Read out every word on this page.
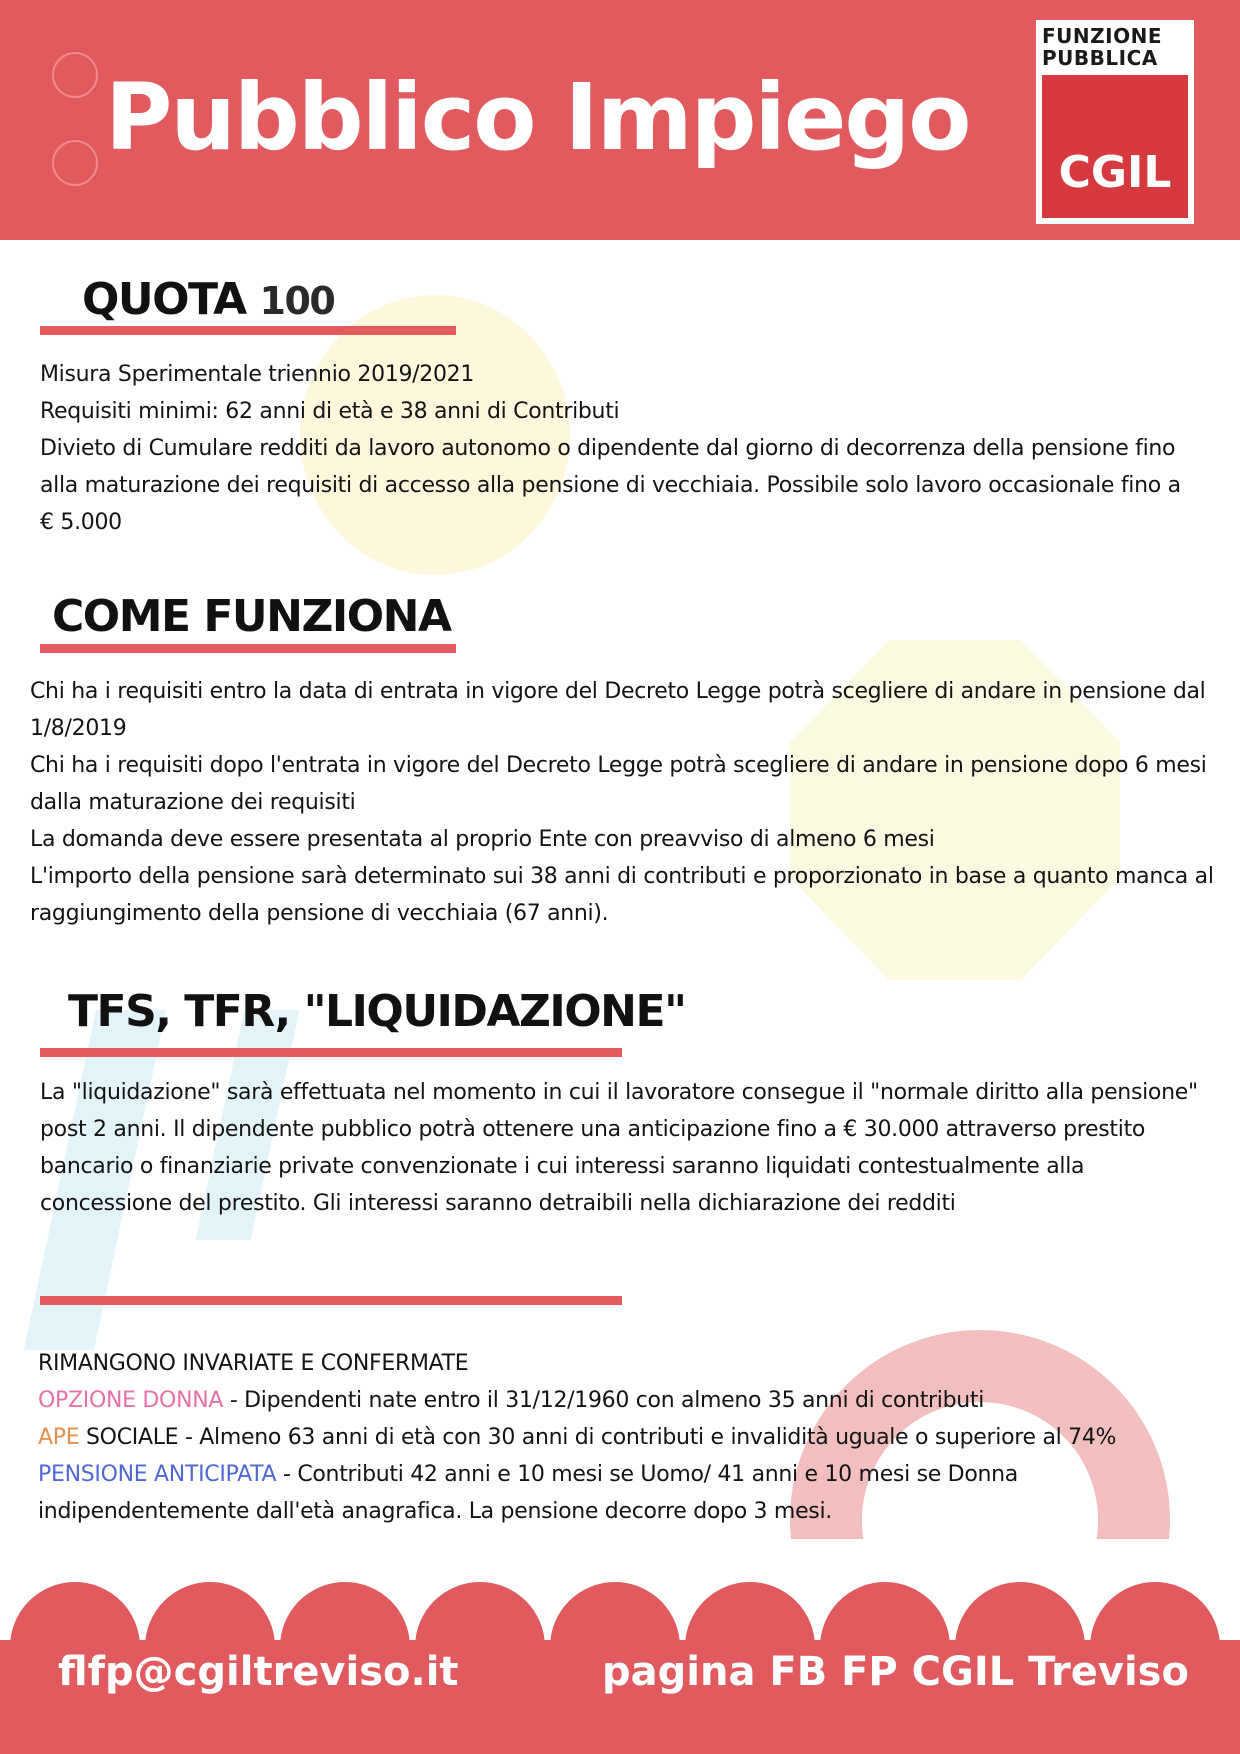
Pubblico Impiego
FUNZIONE
PUBBLICA
CGIL
QUOTA 100

Misura Sperimentale triennio 2019/2021

Requisiti minimi: 62 anni di età e 38 anni di Contributi

Divieto di Cumulare redditi da lavoro autonomo o dipendente dal giorno di decorrenza della pensione fino alla maturazione dei requisiti di accesso alla pensione di vecchiaia. Possibile solo lavoro occasionale fino a € 5.000

COME FUNZIONA

Chi ha i requisiti entro la data di entrata in vigore del Decreto Legge potrà scegliere di andare in pensione dal 1/8/2019

Chi ha i requisiti dopo l'entrata in vigore del Decreto Legge potrà scegliere di andare in pensione dopo 6 mesi dalla maturazione dei requisiti

La domanda deve essere presentata al proprio Ente con preavviso di almeno 6 mesi

L'importo della pensione sarà determinato sui 38 anni di contributi e proporzionato in base a quanto manca al raggiungimento della pensione di vecchiaia (67 anni).

TFS, TFR, "LIQUIDAZIONE"

La "liquidazione" sarà effettuata nel momento in cui il lavoratore consegue il "normale diritto alla pensione" post 2 anni. Il dipendente pubblico potrà ottenere una anticipazione fino a € 30.000 attraverso prestito bancario o finanziarie private convenzionate i cui interessi saranno liquidati contestualmente alla concessione del prestito. Gli interessi saranno detraibili nella dichiarazione dei redditi

RIMANGONO INVARIATE E CONFERMATE

OPZIONE DONNA - Dipendenti nate entro il 31/12/1960 con almeno 35 anni di contributi

APE SOCIALE - Almeno 63 anni di età con 30 anni di contributi e invalidità uguale o superiore al 74%

PENSIONE ANTICIPATA - Contributi 42 anni e 10 mesi se Uomo/ 41 anni e 10 mesi se Donna indipendentemente dall'età anagrafica. La pensione decorre dopo 3 mesi.

flfp@cgiltreviso.it	pagina FB FP CGIL Treviso
